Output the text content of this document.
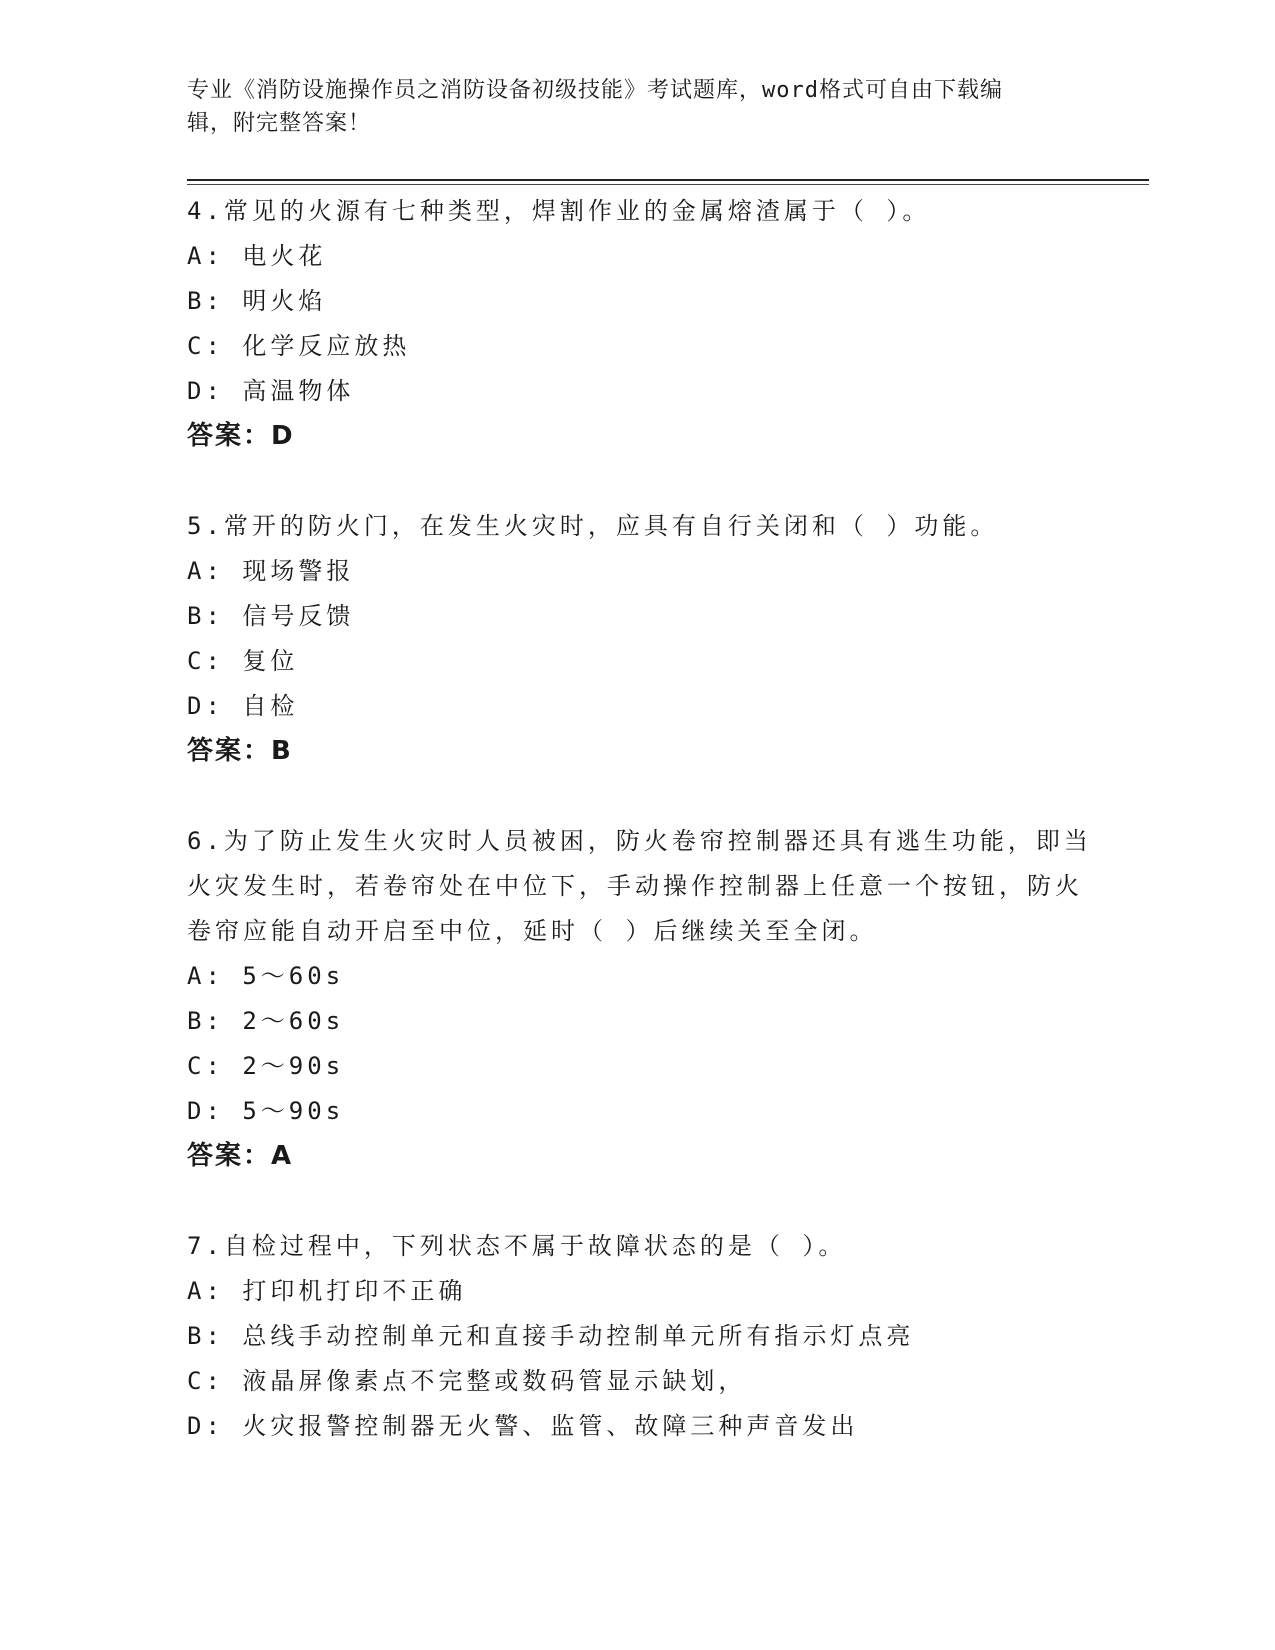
专业《消防设施操作员之消防设备初级技能》考试题库，word格式可自由下载编
辑，附完整答案！
4.常见的火源有七种类型，焊割作业的金属熔渣属于（ ）。
A: 电火花
B: 明火焰
C: 化学反应放热
D: 高温物体
答案：D
5.常开的防火门，在发生火灾时，应具有自行关闭和（ ）功能。
A: 现场警报
B: 信号反馈
C: 复位
D: 自检
答案：B
6.为了防止发生火灾时人员被困，防火卷帘控制器还具有逃生功能，即当火灾发生时，若卷帘处在中位下，手动操作控制器上任意一个按钮，防火卷帘应能自动开启至中位，延时（ ）后继续关至全闭。
A: 5～60s
B: 2～60s
C: 2～90s
D: 5～90s
答案：A
7.自检过程中，下列状态不属于故障状态的是（ ）。
A: 打印机打印不正确
B: 总线手动控制单元和直接手动控制单元所有指示灯点亮
C: 液晶屏像素点不完整或数码管显示缺划，
D: 火灾报警控制器无火警、监管、故障三种声音发出
